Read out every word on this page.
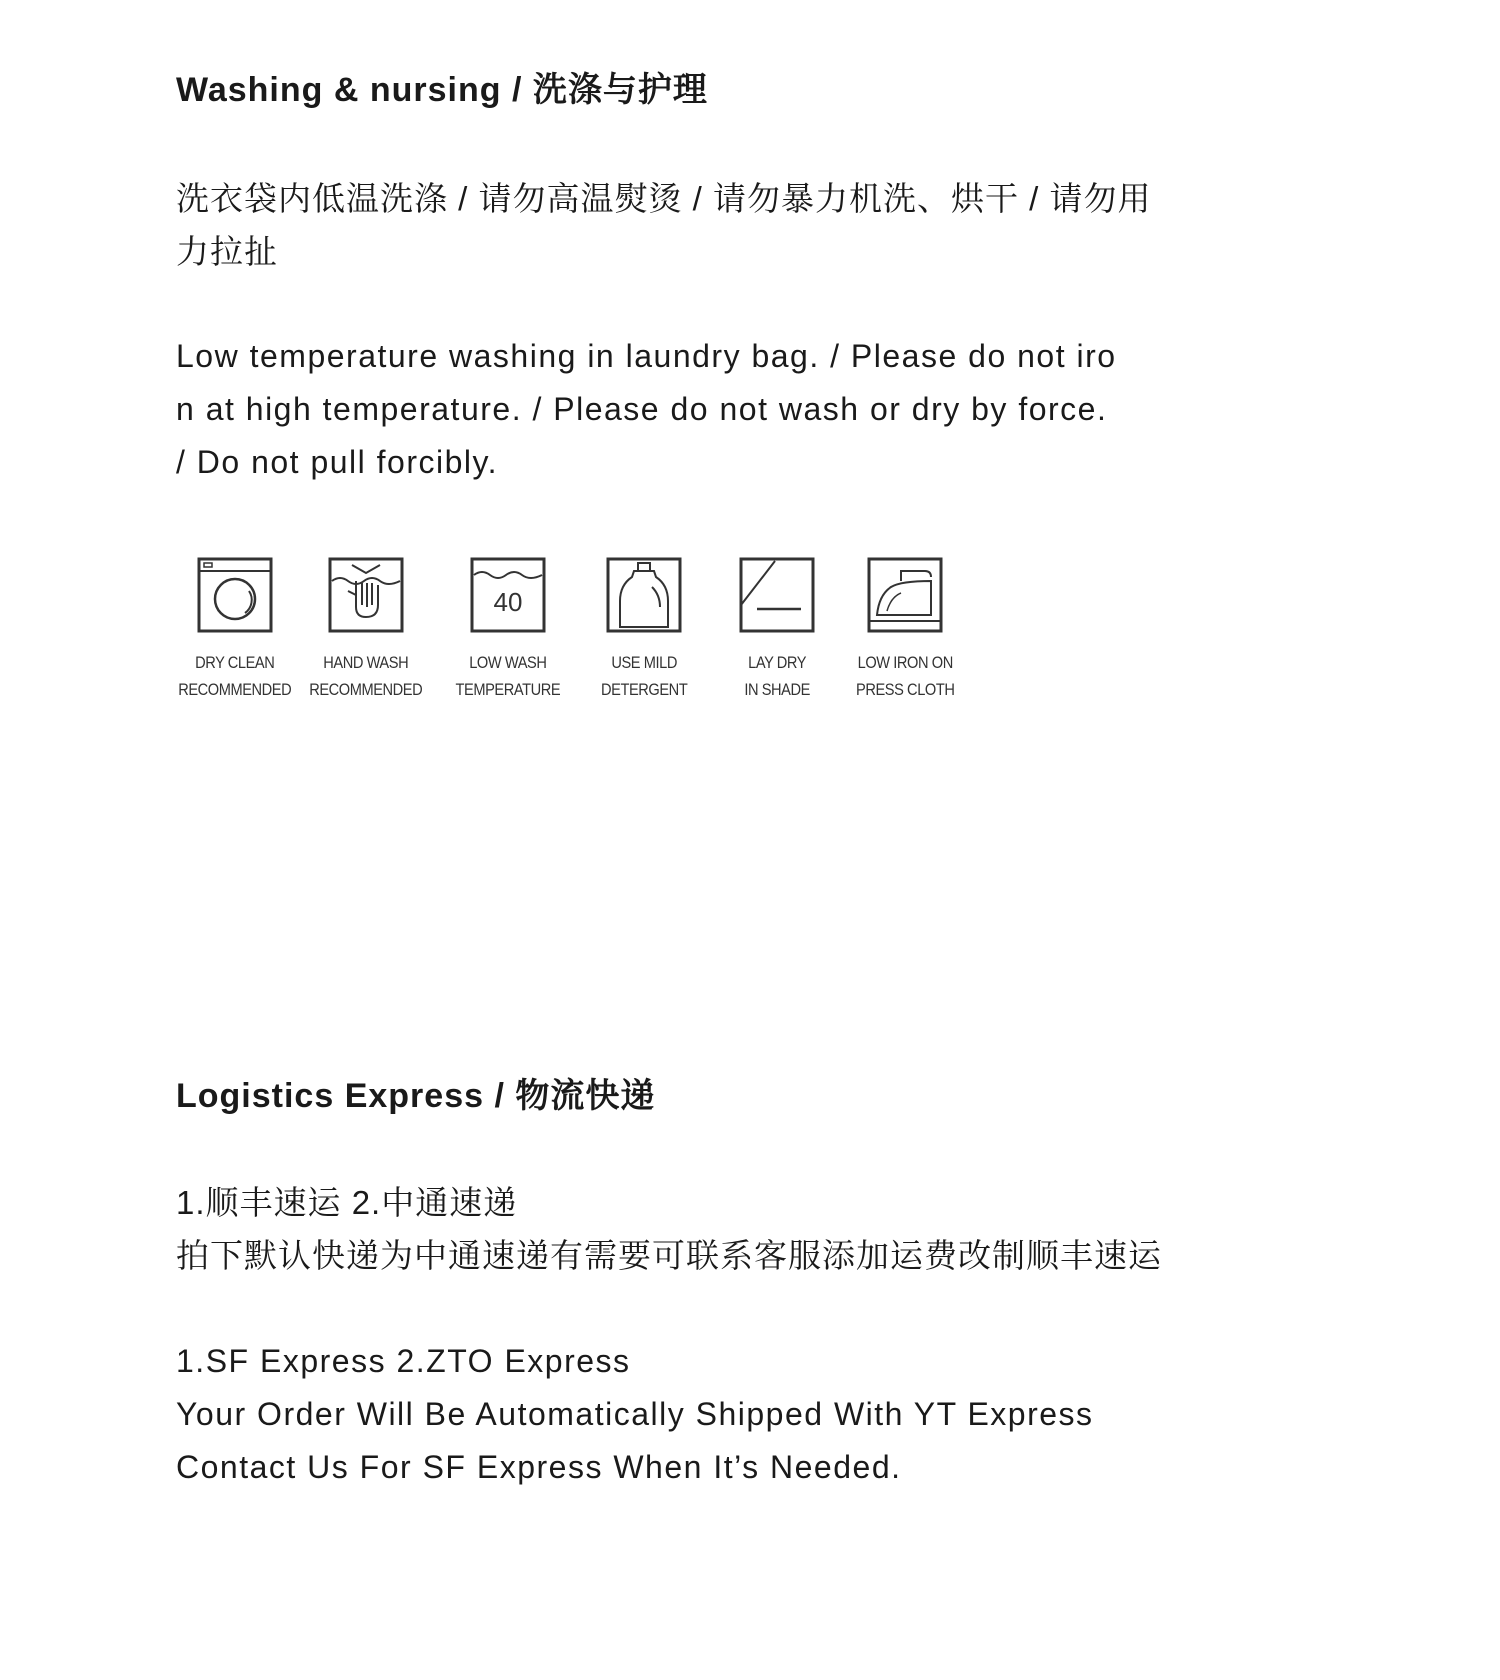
Washing & nursing / 洗涤与护理

洗衣袋内低温洗涤 / 请勿高温熨烫 / 请勿暴力机洗、烘干 / 请勿用
力拉扯

Low temperature washing in laundry bag. / Please do not iro
n at high temperature. / Please do not wash or dry by force.
/ Do not pull forcibly.

DRY CLEAN
RECOMMENDED
HAND WASH
RECOMMENDED
40
LOW WASH
TEMPERATURE
USE MILD
DETERGENT
LAY DRY
IN SHADE
LOW IRON ON
PRESS CLOTH
Logistics Express / 物流快递

1.顺丰速运 2.中通速递
拍下默认快递为中通速递有需要可联系客服添加运费改制顺丰速运

1.SF Express 2.ZTO Express
Your Order Will Be Automatically Shipped With YT Express
Contact Us For SF Express When It’s Needed.
